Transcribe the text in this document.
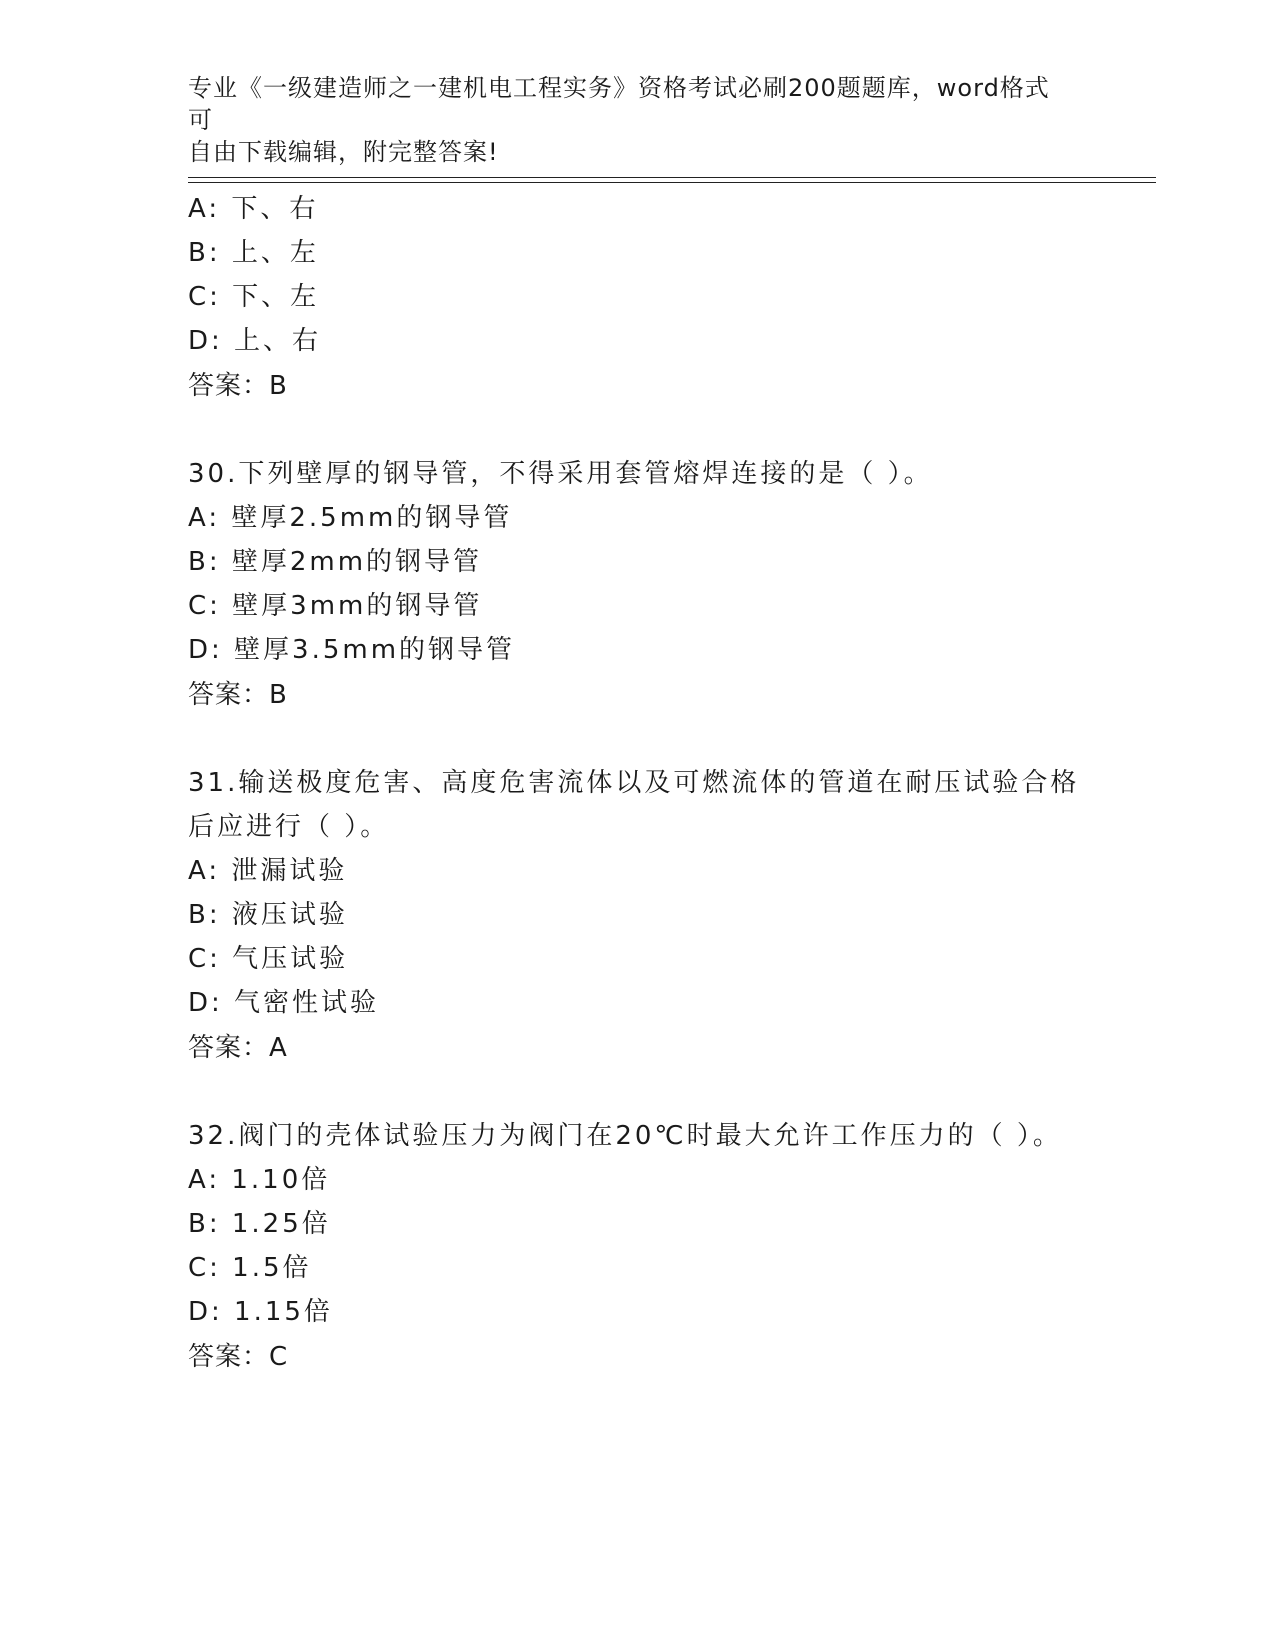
专业《一级建造师之一建机电工程实务》资格考试必刷200题题库，word格式可
自由下载编辑，附完整答案!
A: 下、右
B: 上、左
C: 下、左
D: 上、右
答案：B
30.下列壁厚的钢导管，不得采用套管熔焊连接的是（ ）。
A: 壁厚2.5mm的钢导管
B: 壁厚2mm的钢导管
C: 壁厚3mm的钢导管
D: 壁厚3.5mm的钢导管
答案：B
31.输送极度危害、高度危害流体以及可燃流体的管道在耐压试验合格
后应进行（ ）。
A: 泄漏试验
B: 液压试验
C: 气压试验
D: 气密性试验
答案：A
32.阀门的壳体试验压力为阀门在20℃时最大允许工作压力的（ ）。
A: 1.10倍
B: 1.25倍
C: 1.5倍
D: 1.15倍
答案：C
